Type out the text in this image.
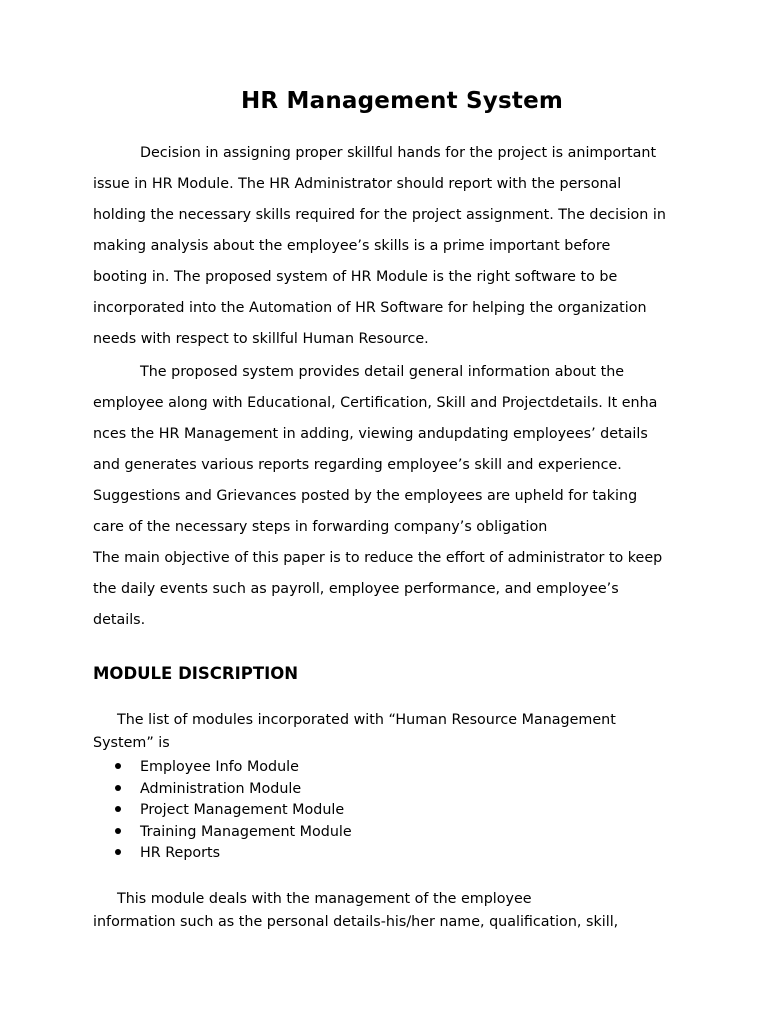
HR Management System
Decision in assigning proper skillful hands for the project is animportant
issue in HR Module. The HR Administrator should report with the personal
holding the necessary skills required for the project assignment. The decision in
making analysis about the employee’s skills is a prime important before
booting in. The proposed system of HR Module is the right software to be
incorporated into the Automation of HR Software for helping the organization
needs with respect to skillful Human Resource.
The proposed system provides detail general information about the
employee along with Educational, Certification, Skill and Projectdetails. It enha
nces the HR Management in adding, viewing andupdating employees’ details
and generates various reports regarding employee’s skill and experience.
Suggestions and Grievances posted by the employees are upheld for taking
care of the necessary steps in forwarding company’s obligation
The main objective of this paper is to reduce the effort of administrator to keep
the daily events such as payroll, employee performance, and employee’s
details.
MODULE DISCRIPTION
The list of modules incorporated with “Human Resource Management
System” is
Employee Info Module
Administration Module
Project Management Module
Training Management Module
HR Reports
This module deals with the management of the employee
information such as the personal details-his/her name, qualification, skill,
